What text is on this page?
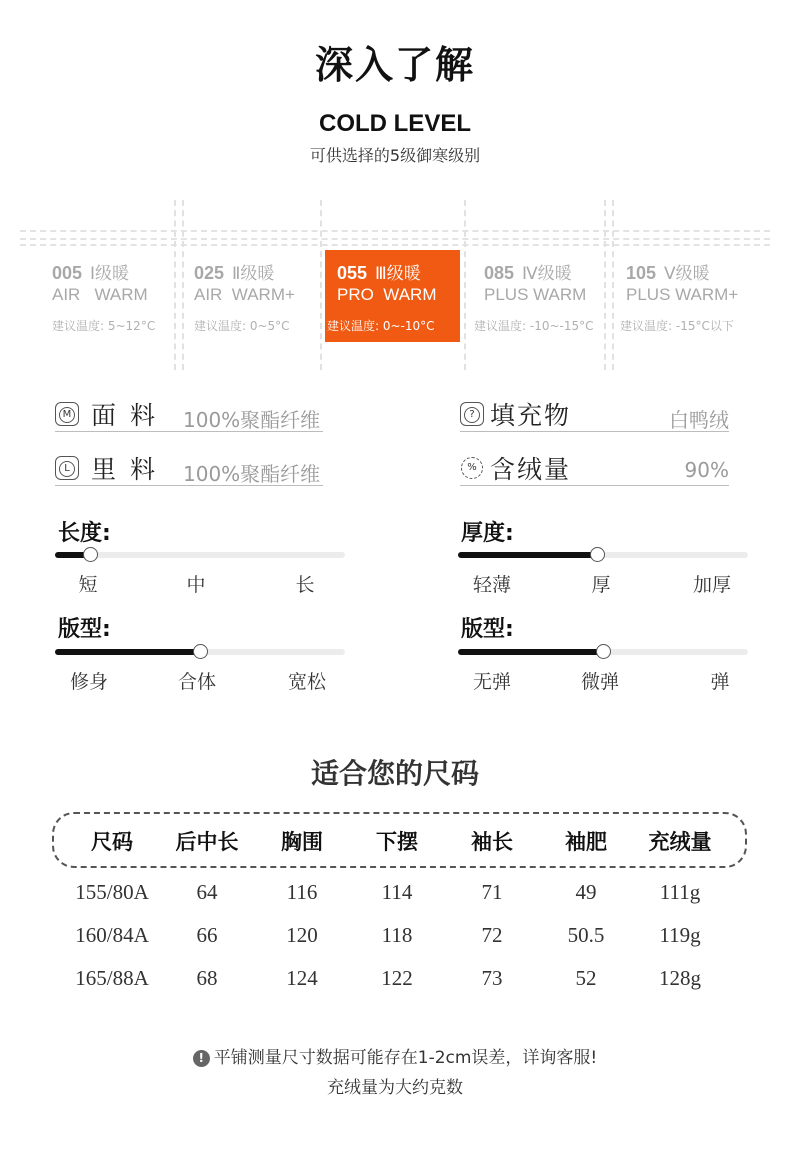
深入了解
COLD LEVEL
可供选择的5级御寒级别
005 Ⅰ级暖
AIR   WARM
建议温度: 5~12°C
025 Ⅱ级暖
AIR  WARM+
建议温度: 0~5°C
055 Ⅲ级暖
PRO  WARM
建议温度: 0~-10°C
085 Ⅳ级暖
PLUS WARM
建议温度: -10~-15°C
105 Ⅴ级暖
PLUS WARM+
建议温度: -15°C以下
M 面料 100%聚酯纤维
L 里料 100%聚酯纤维
? 填充物	白鸭绒
% 含绒量	90%
长度:
短	中	长
厚度:
轻薄	厚	加厚
版型:
修身	合体	宽松
版型:
无弹	微弹	弹
适合您的尺码
尺码 后中长 胸围	下摆	袖长 袖肥 充绒量
155/80A 64	116	114	71	49	111g
160/84A 66	120	118	72	50.5	119g
165/88A 68	124	122	73	52	128g
! 平铺测量尺寸数据可能存在1-2cm误差，详询客服!
充绒量为大约克数
